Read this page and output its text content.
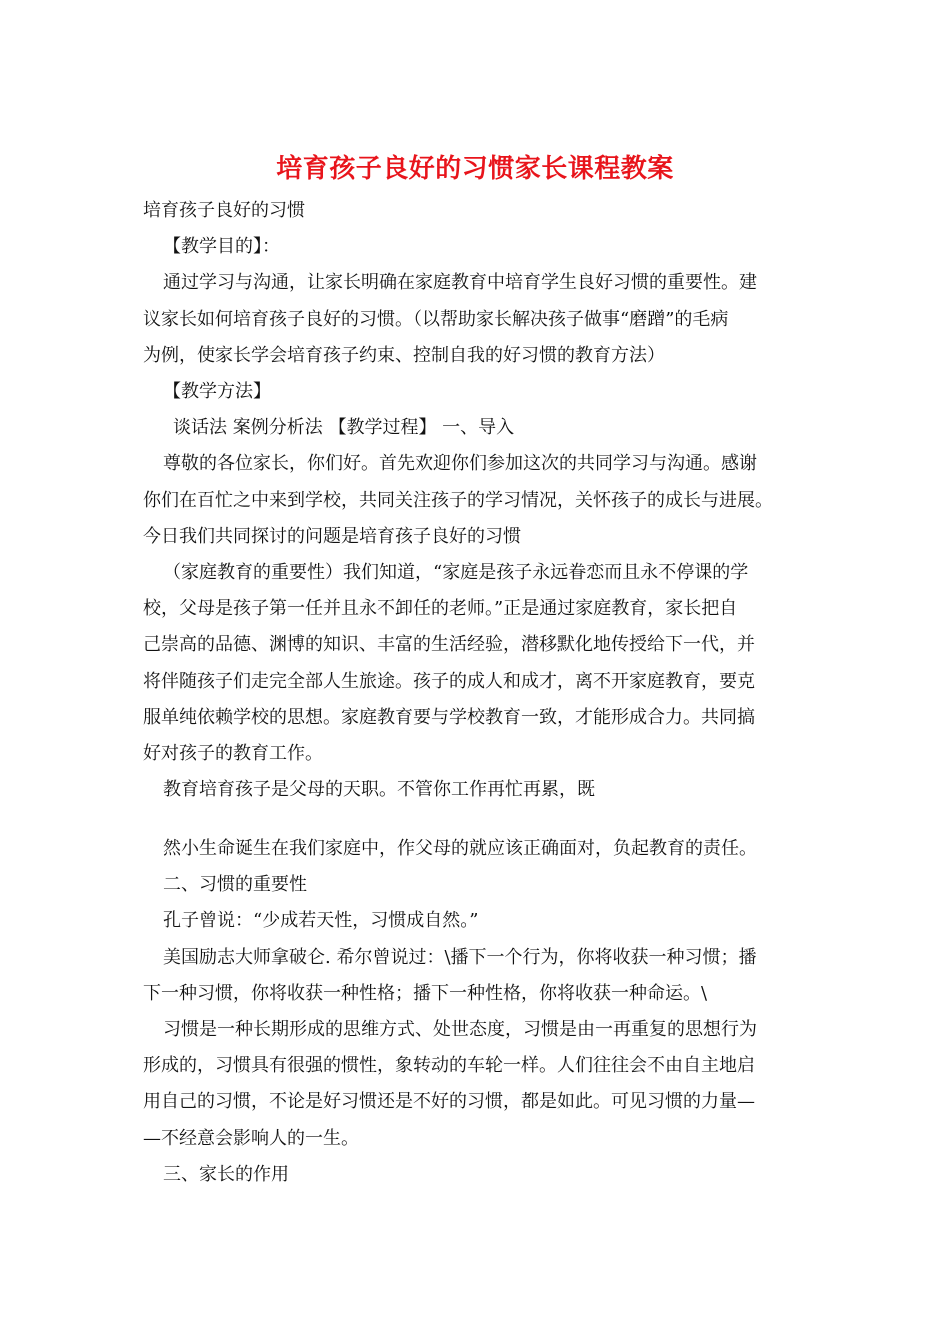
培育孩子良好的习惯家长课程教案
培育孩子良好的习惯
【教学目的】：
通过学习与沟通，让家长明确在家庭教育中培育学生良好习惯的重要性。建
议家长如何培育孩子良好的习惯。（以帮助家长解决孩子做事“磨蹭”的毛病
为例，使家长学会培育孩子约束、控制自我的好习惯的教育方法）
【教学方法】
谈话法 案例分析法 【教学过程】 一、导入
尊敬的各位家长，你们好。首先欢迎你们参加这次的共同学习与沟通。感谢
你们在百忙之中来到学校，共同关注孩子的学习情况，关怀孩子的成长与进展。
今日我们共同探讨的问题是培育孩子良好的习惯
（家庭教育的重要性）我们知道，“家庭是孩子永远眷恋而且永不停课的学
校，父母是孩子第一任并且永不卸任的老师。”正是通过家庭教育，家长把自
己崇高的品德、渊博的知识、丰富的生活经验，潜移默化地传授给下一代，并
将伴随孩子们走完全部人生旅途。孩子的成人和成才，离不开家庭教育，要克
服单纯依赖学校的思想。家庭教育要与学校教育一致，才能形成合力。共同搞
好对孩子的教育工作。
教育培育孩子是父母的天职。不管你工作再忙再累，既
然小生命诞生在我们家庭中，作父母的就应该正确面对，负起教育的责任。
二、习惯的重要性
孔子曾说：“少成若天性，习惯成自然。”
美国励志大师拿破仑. 希尔曾说过：\播下一个行为，你将收获一种习惯；播
下一种习惯，你将收获一种性格；播下一种性格，你将收获一种命运。\
习惯是一种长期形成的思维方式、处世态度，习惯是由一再重复的思想行为
形成的，习惯具有很强的惯性，象转动的车轮一样。人们往往会不由自主地启
用自己的习惯，不论是好习惯还是不好的习惯，都是如此。可见习惯的力量—
—不经意会影响人的一生。
三、家长的作用
